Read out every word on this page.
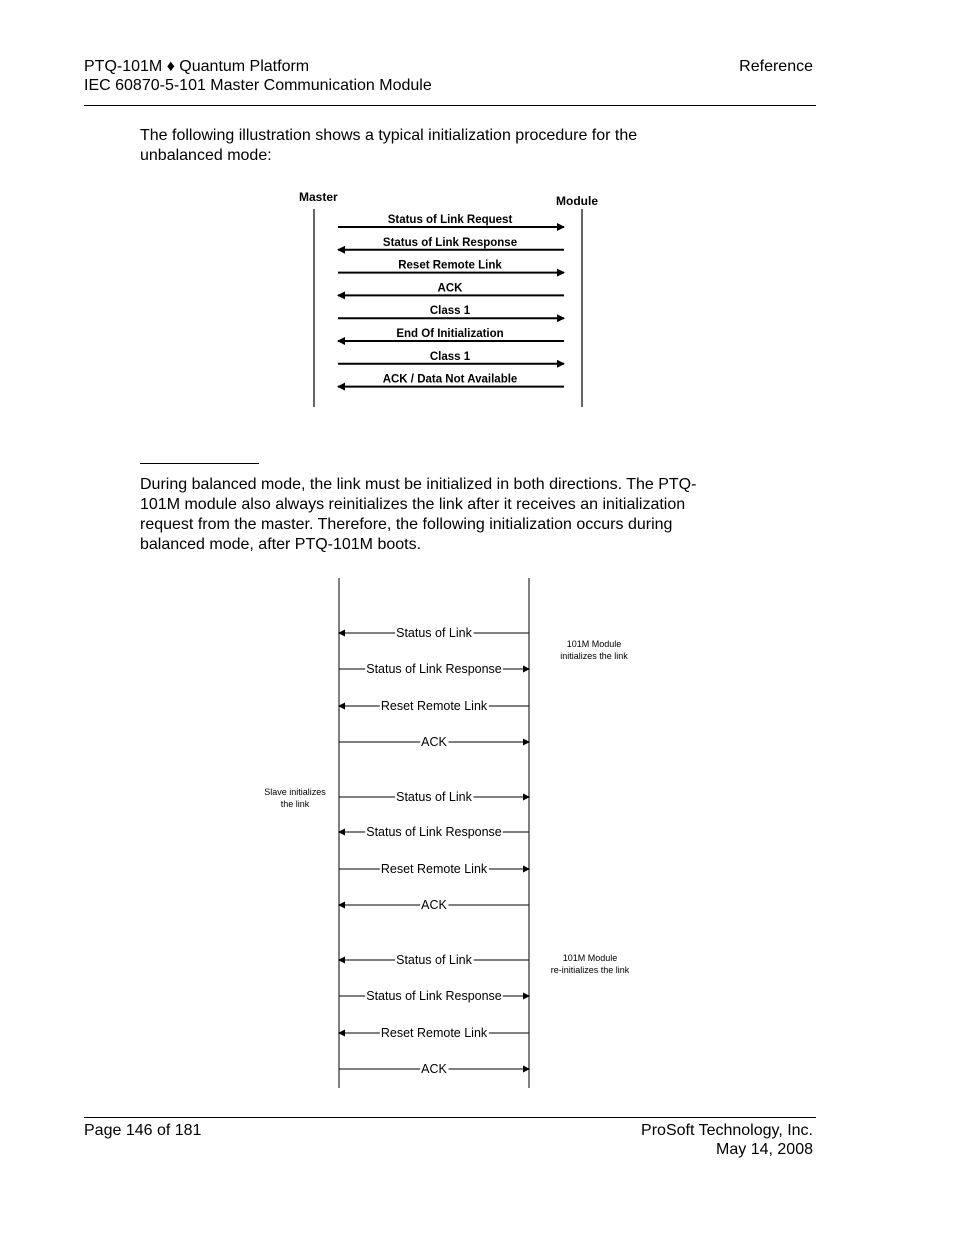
PTQ-101M ♦ Quantum Platform
IEC 60870-5-101 Master Communication Module
Reference
The following illustration shows a typical initialization procedure for the
unbalanced mode:
Master	Module
Status of Link Request
Status of Link Response
Reset Remote Link
ACK
Class 1
End Of Initialization
Class 1
ACK / Data Not Available
During balanced mode, the link must be initialized in both directions. The PTQ-
101M module also always reinitializes the link after it receives an initialization
request from the master. Therefore, the following initialization occurs during
balanced mode, after PTQ-101M boots.
101M Module
initializes the link
Slave initializes
the link
101M Module
re-initializes the link
Status of Link
Status of Link Response
Reset Remote Link
ACK
Status of Link
Status of Link Response
Reset Remote Link
ACK
Status of Link
Status of Link Response
Reset Remote Link
ACK
Page 146 of 181	ProSoft Technology, Inc.
May 14, 2008
